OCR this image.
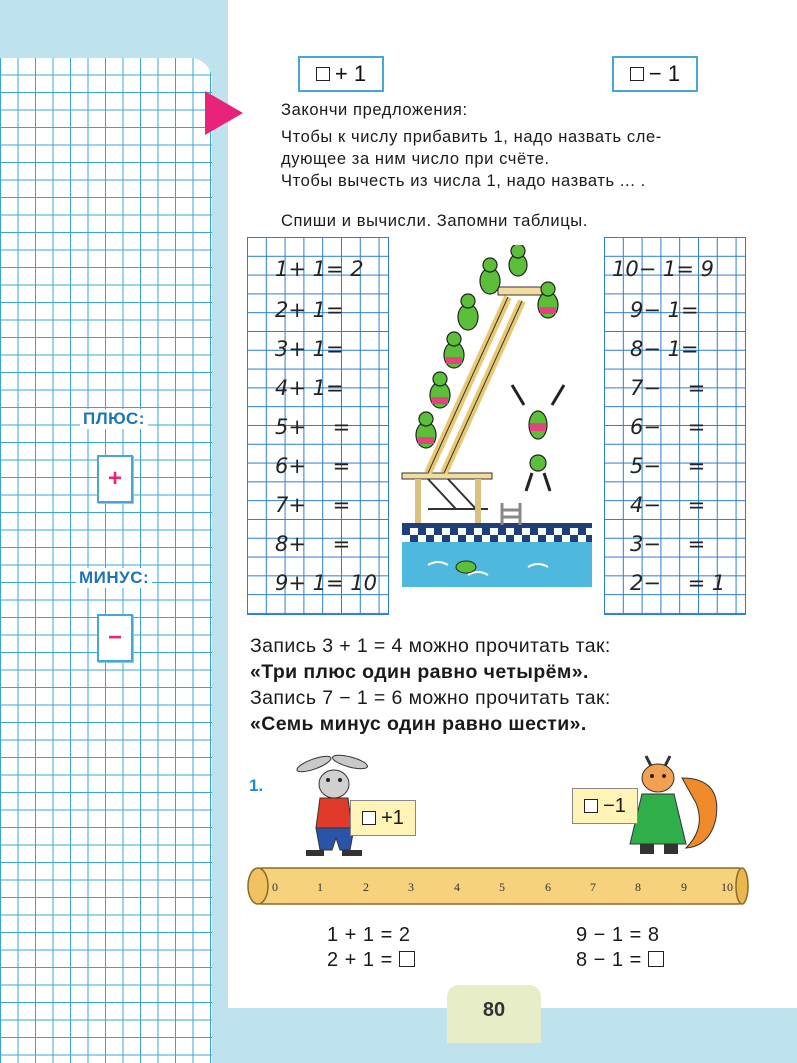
ПЛЮС:
+
МИНУС:
−
+ 1	− 1
Закончи предложения:
Чтобы к числу прибавить 1, надо назвать сле-
дующее за ним число при счёте.
Чтобы вычесть из числа 1, надо назвать ... .
Спиши и вычисли. Запомни таблицы.
1+ 1= 2
2+ 1=
3+ 1=
4+ 1=
5+    =
6+    =
7+    =
8+    =
9+ 1= 10
10− 1= 9
9− 1=
8− 1=
7−    =
6−    =
5−    =
4−    =
3−    =
2−    = 1
Запись 3 + 1 = 4 можно прочитать так:
«Три плюс один равно четырём».
Запись 7 − 1 = 6 можно прочитать так:
«Семь минус один равно шести».
1.
+1
−1
0	1	2	3	4	5	6	7	8	9	10
1 + 1 = 2
2 + 1 =
9 − 1 = 8
8 − 1 =
80
